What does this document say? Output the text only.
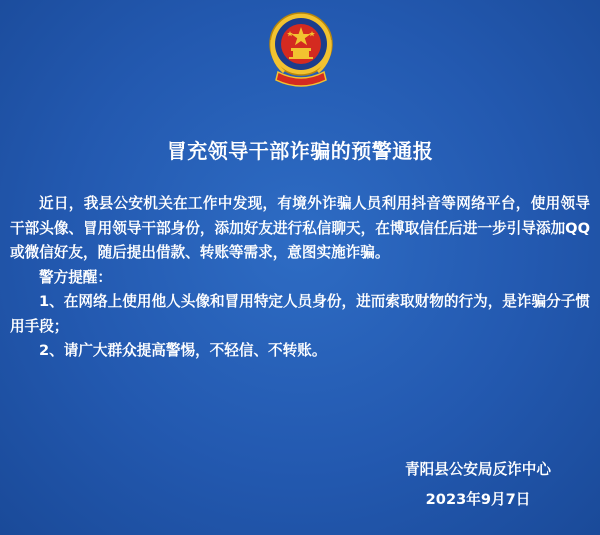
冒充领导干部诈骗的预警通报

近日，我县公安机关在工作中发现，有境外诈骗人员利用抖音等网络平台，使用领导干部头像、冒用领导干部身份，添加好友进行私信聊天，在博取信任后进一步引导添加QQ或微信好友，随后提出借款、转账等需求，意图实施诈骗。

警方提醒：

1、在网络上使用他人头像和冒用特定人员身份，进而索取财物的行为，是诈骗分子惯用手段；

2、请广大群众提高警惕，不轻信、不转账。

青阳县公安局反诈中心
2023年9月7日
